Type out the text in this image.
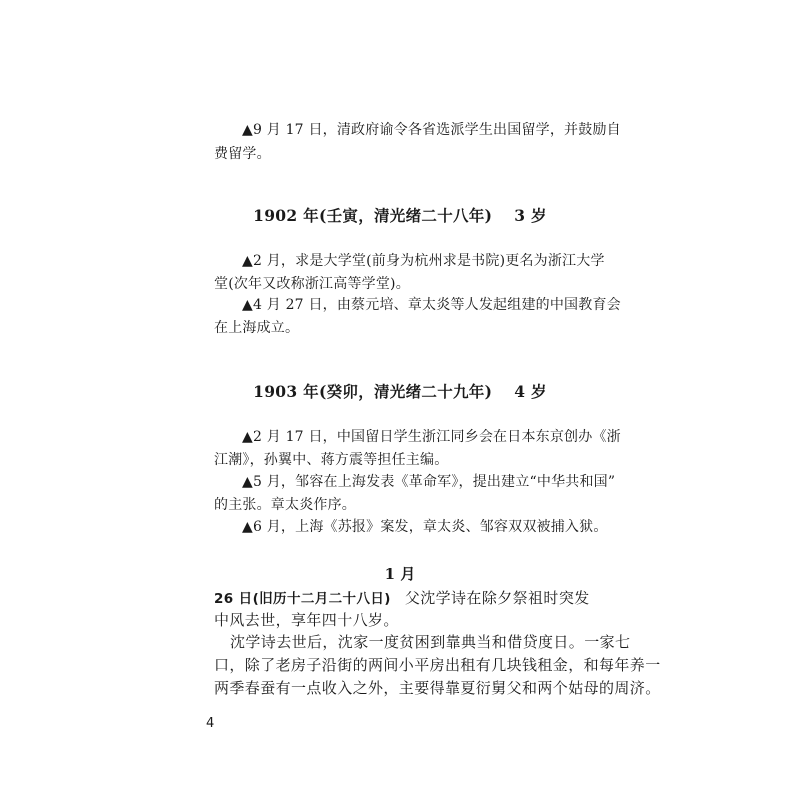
▲9 月 17 日，清政府谕令各省选派学生出国留学，并鼓励自
费留学。
1902 年(壬寅，清光绪二十八年) 3 岁
▲2 月，求是大学堂(前身为杭州求是书院)更名为浙江大学
堂(次年又改称浙江高等学堂)。
▲4 月 27 日，由蔡元培、章太炎等人发起组建的中国教育会
在上海成立。
1903 年(癸卯，清光绪二十九年) 4 岁
▲2 月 17 日，中国留日学生浙江同乡会在日本东京创办《浙
江潮》，孙翼中、蒋方震等担任主编。
▲5 月，邹容在上海发表《革命军》，提出建立“中华共和国”
的主张。章太炎作序。
▲6 月，上海《苏报》案发，章太炎、邹容双双被捕入狱。
1 月
26 日(旧历十二月二十八日) 父沈学诗在除夕祭祖时突发
中风去世，享年四十八岁。
沈学诗去世后，沈家一度贫困到靠典当和借贷度日。一家七
口，除了老房子沿街的两间小平房出租有几块钱租金，和每年养一
两季春蚕有一点收入之外，主要得靠夏衍舅父和两个姑母的周济。
4
